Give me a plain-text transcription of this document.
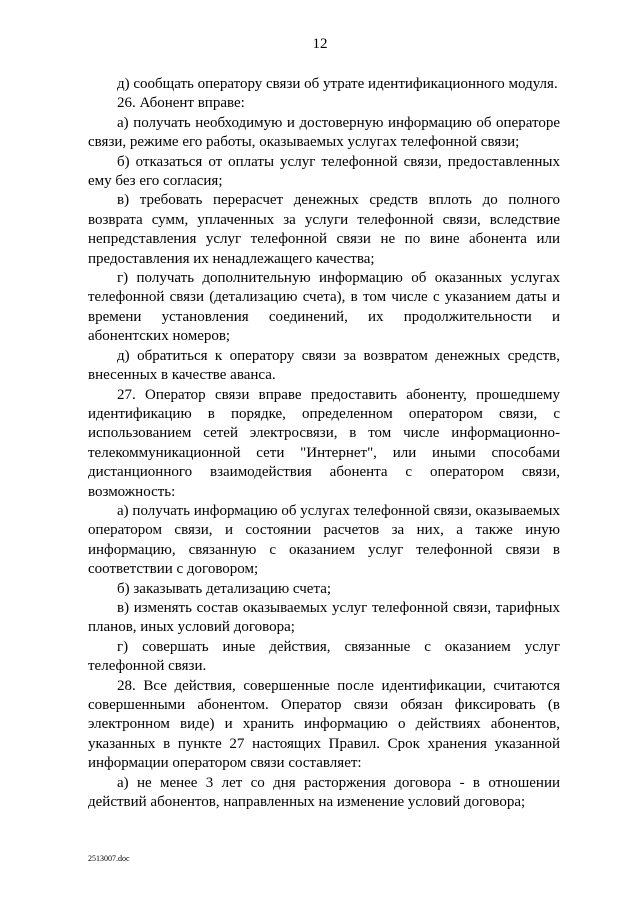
12

д) сообщать оператору связи об утрате идентификационного модуля.

26. Абонент вправе:

а) получать необходимую и достоверную информацию об операторе связи, режиме его работы, оказываемых услугах телефонной связи;

б) отказаться от оплаты услуг телефонной связи, предоставленных ему без его согласия;

в) требовать перерасчет денежных средств вплоть до полного возврата сумм, уплаченных за услуги телефонной связи, вследствие непредставления услуг телефонной связи не по вине абонента или предоставления их ненадлежащего качества;

г) получать дополнительную информацию об оказанных услугах телефонной связи (детализацию счета), в том числе с указанием даты и времени установления соединений, их продолжительности и абонентских номеров;

д) обратиться к оператору связи за возвратом денежных средств, внесенных в качестве аванса.

27. Оператор связи вправе предоставить абоненту, прошедшему идентификацию в порядке, определенном оператором связи, с использованием сетей электросвязи, в том числе информационно-телекоммуникационной сети "Интернет", или иными способами дистанционного взаимодействия абонента с оператором связи, возможность:

а) получать информацию об услугах телефонной связи, оказываемых оператором связи, и состоянии расчетов за них, а также иную информацию, связанную с оказанием услуг телефонной связи в соответствии с договором;

б) заказывать детализацию счета;

в) изменять состав оказываемых услуг телефонной связи, тарифных планов, иных условий договора;

г) совершать иные действия, связанные с оказанием услуг телефонной связи.

28. Все действия, совершенные после идентификации, считаются совершенными абонентом. Оператор связи обязан фиксировать (в электронном виде) и хранить информацию о действиях абонентов, указанных в пункте 27 настоящих Правил. Срок хранения указанной информации оператором связи составляет:

а) не менее 3 лет со дня расторжения договора - в отношении действий абонентов, направленных на изменение условий договора;

2513007.doc
